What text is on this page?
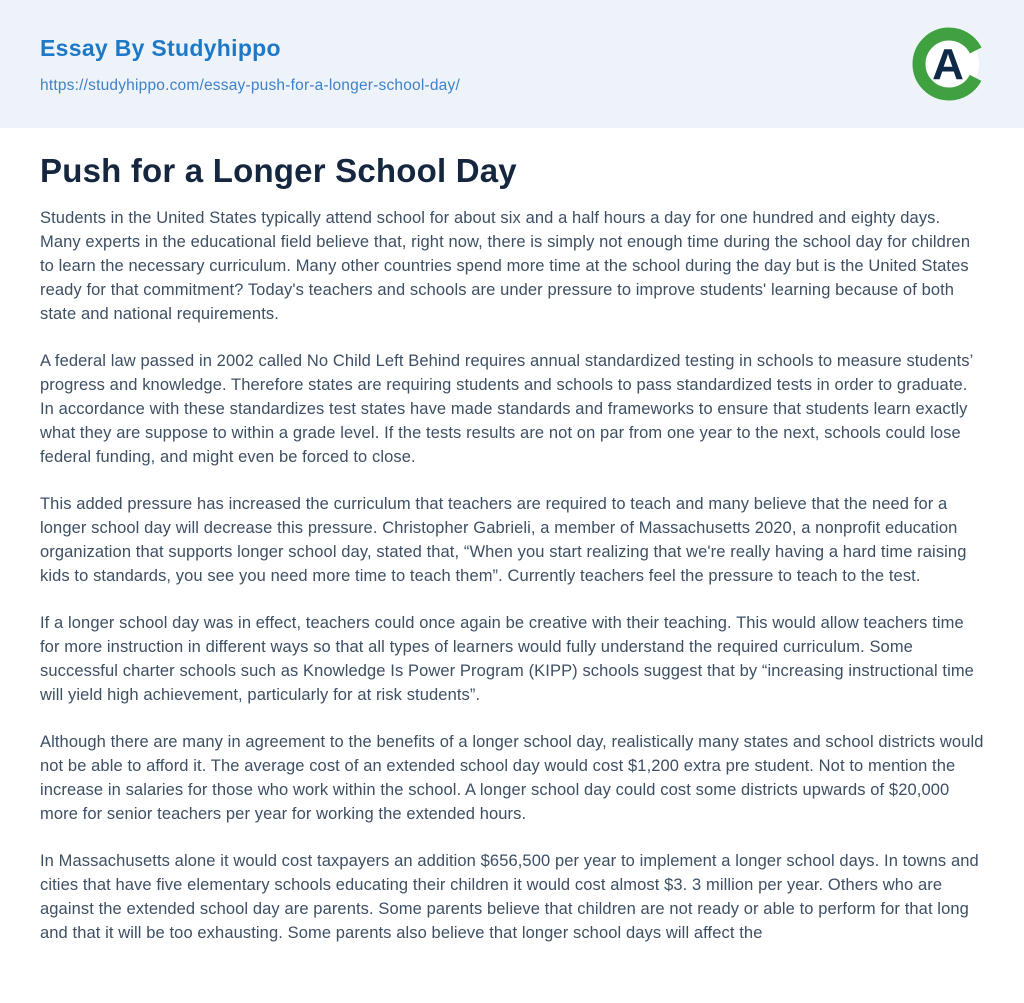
Essay By Studyhippo
https://studyhippo.com/essay-push-for-a-longer-school-day/	A
Push for a Longer School Day

Students in the United States typically attend school for about six and a half hours a day for one hundred and eighty days. Many experts in the educational field believe that, right now, there is simply not enough time during the school day for children to learn the necessary curriculum. Many other countries spend more time at the school during the day but is the United States ready for that commitment? Today's teachers and schools are under pressure to improve students' learning because of both state and national requirements.

A federal law passed in 2002 called No Child Left Behind requires annual standardized testing in schools to measure students’ progress and knowledge. Therefore states are requiring students and schools to pass standardized tests in order to graduate. In accordance with these standardizes test states have made standards and frameworks to ensure that students learn exactly what they are suppose to within a grade level. If the tests results are not on par from one year to the next, schools could lose federal funding, and might even be forced to close.

This added pressure has increased the curriculum that teachers are required to teach and many believe that the need for a longer school day will decrease this pressure. Christopher Gabrieli, a member of Massachusetts 2020, a nonprofit education organization that supports longer school day, stated that, “When you start realizing that we're really having a hard time raising kids to standards, you see you need more time to teach them”. Currently teachers feel the pressure to teach to the test.

If a longer school day was in effect, teachers could once again be creative with their teaching. This would allow teachers time for more instruction in different ways so that all types of learners would fully understand the required curriculum. Some successful charter schools such as Knowledge Is Power Program (KIPP) schools suggest that by “increasing instructional time will yield high achievement, particularly for at risk students”.

Although there are many in agreement to the benefits of a longer school day, realistically many states and school districts would not be able to afford it. The average cost of an extended school day would cost $1,200 extra pre student. Not to mention the increase in salaries for those who work within the school. A longer school day could cost some districts upwards of $20,000 more for senior teachers per year for working the extended hours.

In Massachusetts alone it would cost taxpayers an addition $656,500 per year to implement a longer school days. In towns and cities that have five elementary schools educating their children it would cost almost $3. 3 million per year. Others who are against the extended school day are parents. Some parents believe that children are not ready or able to perform for that long and that it will be too exhausting. Some parents also believe that longer school days will affect the
